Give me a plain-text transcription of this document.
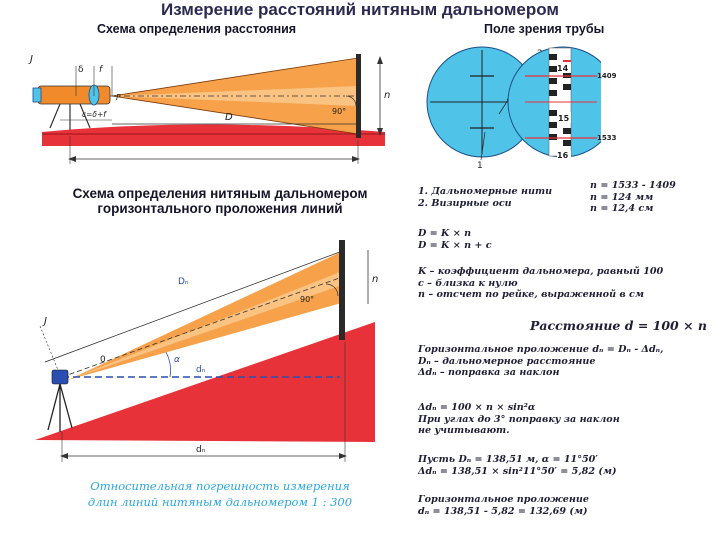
Измерение расстояний нитяным дальномером
Схема определения расстояния	Поле зрения трубы
J
δ f
F
c=δ+f	D
d
n
90°
1
14
15
16
1409
1533
Схема определения нитяным дальномером
горизонтального проложения линий
J
0
Dₙ
α
dₙ
dₙ
90°
n
Относительная погрешность измерения
длин линий нитяным дальномером 1 : 300
1. Дальномерные нити
2. Визирные оси
n = 1533 - 1409
n = 124 мм
n = 12,4 см
D = K × n
D = K × n + c
K – коэффициент дальномера, равный 100
c – близка к нулю
n – отсчет по рейке, выраженной в см
Расстояние d = 100 × n
Горизонтальное проложение dₙ = Dₙ - Δdₙ,
Dₙ – дальномерное расстояние
Δdₙ – поправка за наклон
Δdₙ = 100 × n × sin²α
При углах до 3° поправку за наклон
не учитывают.
Пусть Dₙ = 138,51 м, α = 11°50′
Δdₙ = 138,51 × sin²11°50′ = 5,82 (м)
Горизонтальное проложение
dₙ = 138,51 - 5,82 = 132,69 (м)
